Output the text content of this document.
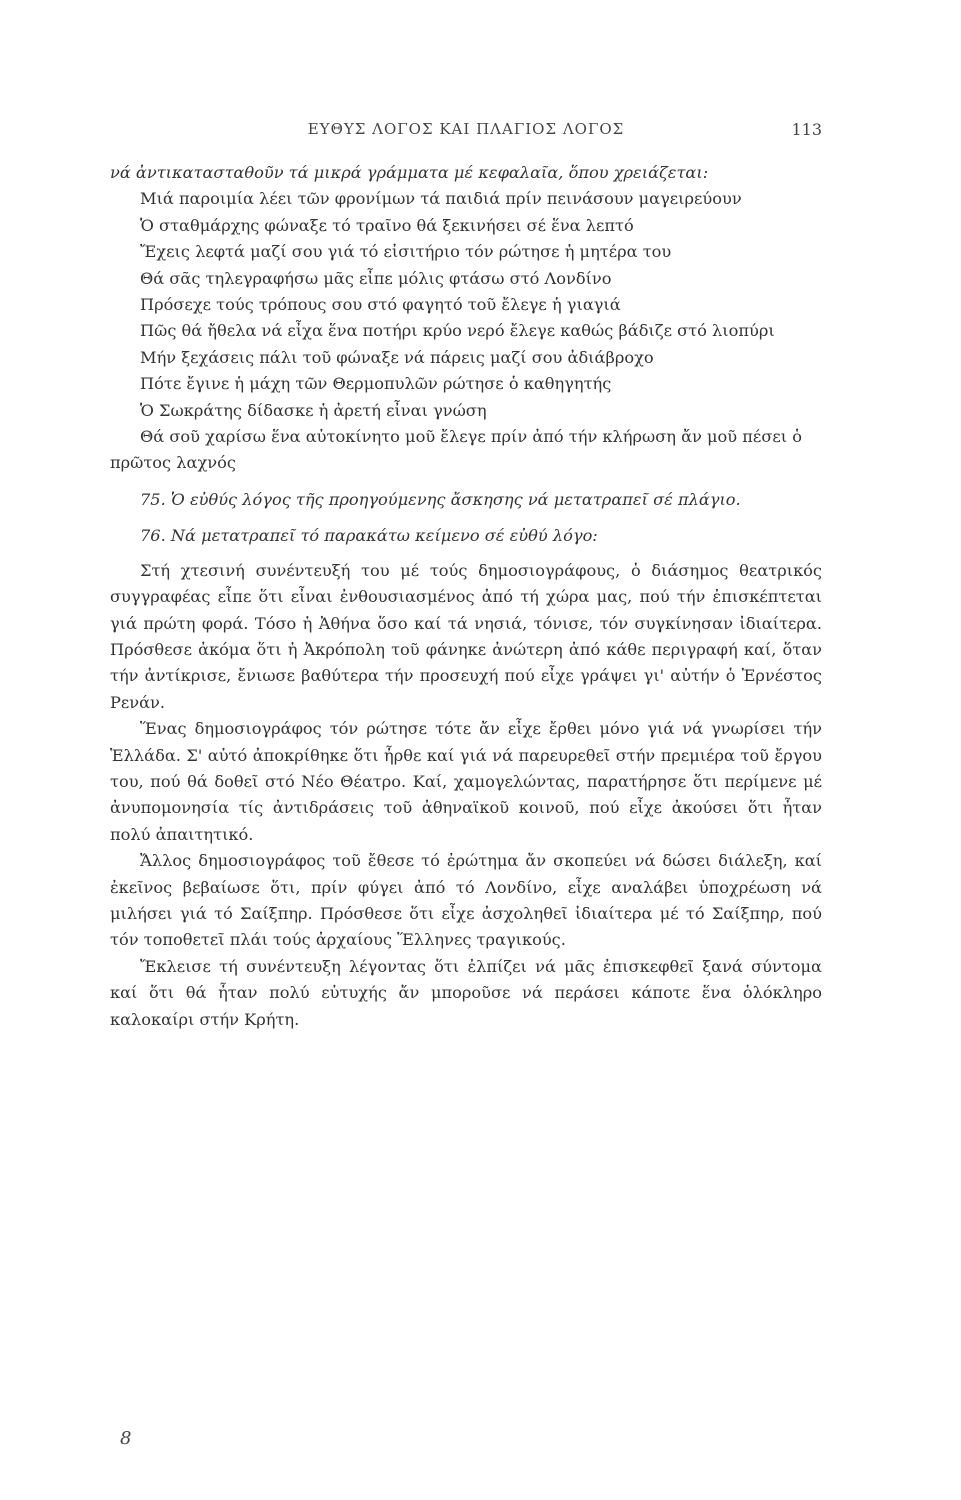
ΕΥΘΥΣ ΛΟΓΟΣ ΚΑΙ ΠΛΑΓΙΟΣ ΛΟΓΟΣ	113

νά ἀντικατασταθοῦν τά μικρά γράμματα μέ κεφαλαῖα, ὅπου χρειάζεται:

Μιά παροιμία λέει τῶν φρονίμων τά παιδιά πρίν πεινάσουν μαγειρεύουν

Ὁ σταθμάρχης φώναξε τό τραῖνο θά ξεκινήσει σέ ἕνα λεπτό

Ἔχεις λεφτά μαζί σου γιά τό εἰσιτήριο τόν ρώτησε ἡ μητέρα του

Θά σᾶς τηλεγραφήσω μᾶς εἶπε μόλις φτάσω στό Λονδίνο

Πρόσεχε τούς τρόπους σου στό φαγητό τοῦ ἔλεγε ἡ γιαγιά

Πῶς θά ἤθελα νά εἶχα ἕνα ποτήρι κρύο νερό ἔλεγε καθώς βάδιζε στό λιοπύρι

Μήν ξεχάσεις πάλι τοῦ φώναξε νά πάρεις μαζί σου ἀδιάβροχο

Πότε ἔγινε ἡ μάχη τῶν Θερμοπυλῶν ρώτησε ὁ καθηγητής

Ὁ Σωκράτης δίδασκε ἡ ἀρετή εἶναι γνώση

Θά σοῦ χαρίσω ἕνα αὐτοκίνητο μοῦ ἔλεγε πρίν ἀπό τήν κλήρωση ἄν μοῦ πέσει ὁ πρῶτος λαχνός

75. Ὁ εὐθύς λόγος τῆς προηγούμενης ἄσκησης νά μετατραπεῖ σέ πλάγιο.

76. Νά μετατραπεῖ τό παρακάτω κείμενο σέ εὐθύ λόγο:

Στή χτεσινή συνέντευξή του μέ τούς δημοσιογράφους, ὁ διάσημος θεατρικός συγγραφέας εἶπε ὅτι εἶναι ἐνθουσιασμένος ἀπό τή χώρα μας, πού τήν ἐπισκέπτεται γιά πρώτη φορά. Τόσο ἡ Ἀθήνα ὅσο καί τά νησιά, τόνισε, τόν συγκίνησαν ἰδιαίτερα. Πρόσθεσε ἀκόμα ὅτι ἡ Ἀκρόπολη τοῦ φάνηκε ἀνώτερη ἀπό κάθε περιγραφή καί, ὅταν τήν ἀντίκρισε, ἔνιωσε βαθύτερα τήν προσευχή πού εἶχε γράψει γι' αὐτήν ὁ Ἐρνέστος Ρενάν.

Ἕνας δημοσιογράφος τόν ρώτησε τότε ἄν εἶχε ἔρθει μόνο γιά νά γνωρίσει τήν Ἑλλάδα. Σ' αὐτό ἀποκρίθηκε ὅτι ἦρθε καί γιά νά παρευρεθεῖ στήν πρεμιέρα τοῦ ἔργου του, πού θά δοθεῖ στό Νέο Θέατρο. Καί, χαμογελώντας, παρατήρησε ὅτι περίμενε μέ ἀνυπομονησία τίς ἀντιδράσεις τοῦ ἀθηναϊκοῦ κοινοῦ, πού εἶχε ἀκούσει ὅτι ἦταν πολύ ἀπαιτητικό.

Ἄλλος δημοσιογράφος τοῦ ἔθεσε τό ἐρώτημα ἄν σκοπεύει νά δώσει διάλεξη, καί ἐκεῖνος βεβαίωσε ὅτι, πρίν φύγει ἀπό τό Λονδίνο, εἶχε αναλάβει ὑποχρέωση νά μιλήσει γιά τό Σαίξπηρ. Πρόσθεσε ὅτι εἶχε ἀσχοληθεῖ ἰδιαίτερα μέ τό Σαίξπηρ, πού τόν τοποθετεῖ πλάι τούς ἀρχαίους Ἕλληνες τραγικούς.

Ἔκλεισε τή συνέντευξη λέγοντας ὅτι ἐλπίζει νά μᾶς ἐπισκεφθεῖ ξανά σύντομα καί ὅτι θά ἦταν πολύ εὐτυχής ἄν μποροῦσε νά περάσει κάποτε ἕνα ὁλόκληρο καλοκαίρι στήν Κρήτη.

8
